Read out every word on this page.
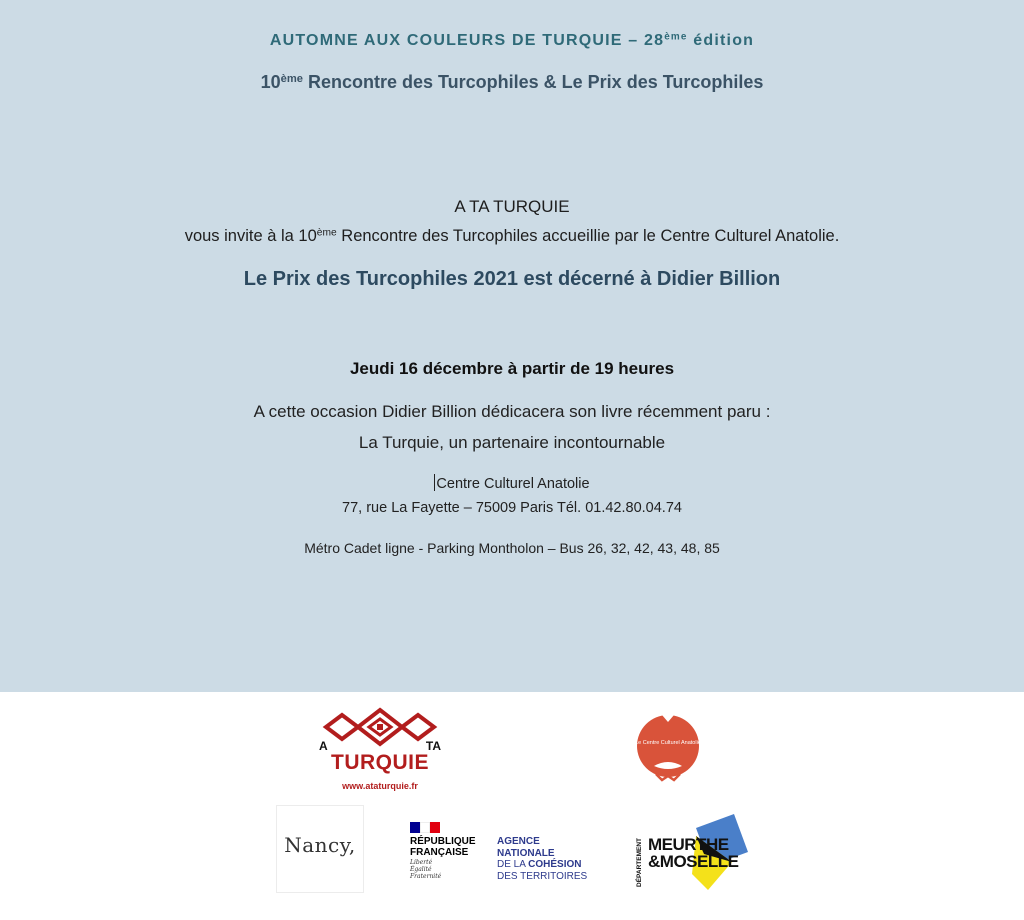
AUTOMNE AUX COULEURS DE TURQUIE – 28ème édition
10ème Rencontre des Turcophiles & Le Prix des Turcophiles
A TA TURQUIE
vous invite à la 10ème Rencontre des Turcophiles accueillie par le Centre Culturel Anatolie.
Le Prix des Turcophiles 2021 est décerné à Didier Billion
Jeudi 16 décembre à partir de 19 heures
A cette occasion Didier Billion dédicacera son livre récemment paru :
La Turquie, un partenaire incontournable
Centre Culturel Anatolie
77, rue La Fayette – 75009 Paris Tél. 01.42.80.04.74
Métro Cadet ligne - Parking Montholon – Bus 26, 32, 42, 43, 48, 85
A	TA
TURQUIE
www.ataturquie.fr
Le Centre Culturel Anatolie
Nancy,	RÉPUBLIQUE
FRANÇAISE
Liberté
Égalité
Fraternité
AGENCE
NATIONALE
DE LA COHÉSION
DES TERRITOIRES	DÉPARTEMENT MEURTHE
&MOSELLE
